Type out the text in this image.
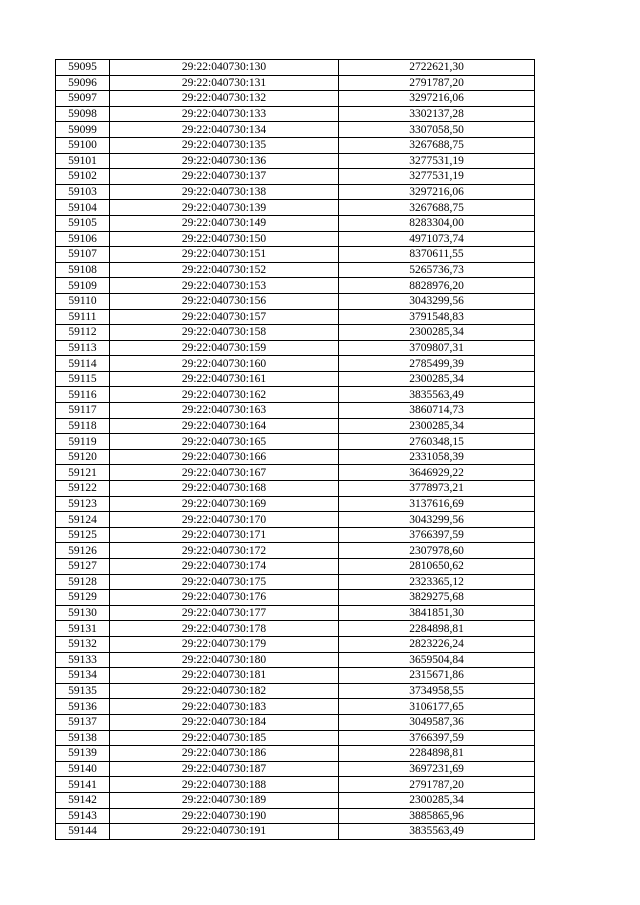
59095	29:22:040730:130	2722621,30
59096	29:22:040730:131	2791787,20
59097	29:22:040730:132	3297216,06
59098	29:22:040730:133	3302137,28
59099	29:22:040730:134	3307058,50
59100	29:22:040730:135	3267688,75
59101	29:22:040730:136	3277531,19
59102	29:22:040730:137	3277531,19
59103	29:22:040730:138	3297216,06
59104	29:22:040730:139	3267688,75
59105	29:22:040730:149	8283304,00
59106	29:22:040730:150	4971073,74
59107	29:22:040730:151	8370611,55
59108	29:22:040730:152	5265736,73
59109	29:22:040730:153	8828976,20
59110	29:22:040730:156	3043299,56
59111	29:22:040730:157	3791548,83
59112	29:22:040730:158	2300285,34
59113	29:22:040730:159	3709807,31
59114	29:22:040730:160	2785499,39
59115	29:22:040730:161	2300285,34
59116	29:22:040730:162	3835563,49
59117	29:22:040730:163	3860714,73
59118	29:22:040730:164	2300285,34
59119	29:22:040730:165	2760348,15
59120	29:22:040730:166	2331058,39
59121	29:22:040730:167	3646929,22
59122	29:22:040730:168	3778973,21
59123	29:22:040730:169	3137616,69
59124	29:22:040730:170	3043299,56
59125	29:22:040730:171	3766397,59
59126	29:22:040730:172	2307978,60
59127	29:22:040730:174	2810650,62
59128	29:22:040730:175	2323365,12
59129	29:22:040730:176	3829275,68
59130	29:22:040730:177	3841851,30
59131	29:22:040730:178	2284898,81
59132	29:22:040730:179	2823226,24
59133	29:22:040730:180	3659504,84
59134	29:22:040730:181	2315671,86
59135	29:22:040730:182	3734958,55
59136	29:22:040730:183	3106177,65
59137	29:22:040730:184	3049587,36
59138	29:22:040730:185	3766397,59
59139	29:22:040730:186	2284898,81
59140	29:22:040730:187	3697231,69
59141	29:22:040730:188	2791787,20
59142	29:22:040730:189	2300285,34
59143	29:22:040730:190	3885865,96
59144	29:22:040730:191	3835563,49
